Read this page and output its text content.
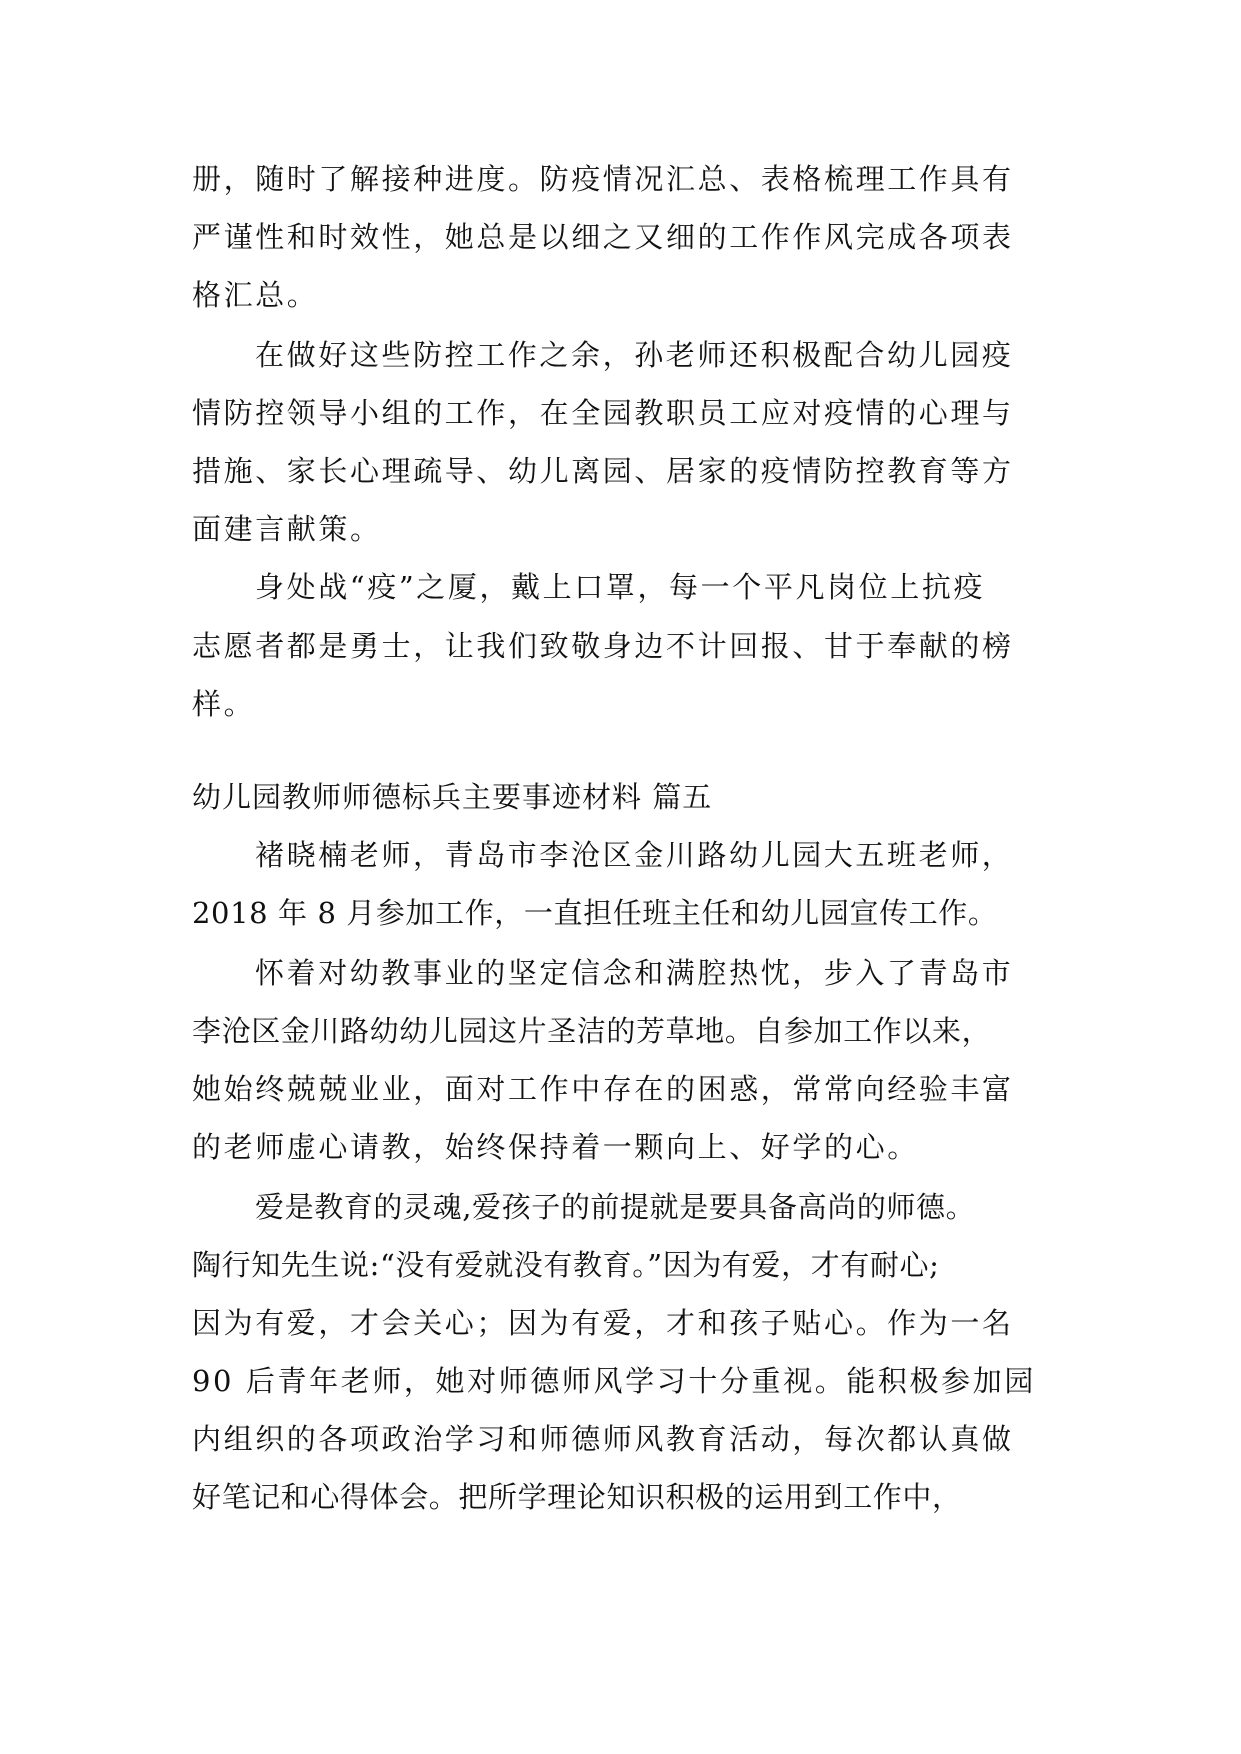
册，随时了解接种进度。防疫情况汇总、表格梳理工作具有
严谨性和时效性，她总是以细之又细的工作作风完成各项表
格汇总。
在做好这些防控工作之余，孙老师还积极配合幼儿园疫
情防控领导小组的工作，在全园教职员工应对疫情的心理与
措施、家长心理疏导、幼儿离园、居家的疫情防控教育等方
面建言献策。
身处战“疫”之厦，戴上口罩，每一个平凡岗位上抗疫
志愿者都是勇士，让我们致敬身边不计回报、甘于奉献的榜
样。
幼儿园教师师德标兵主要事迹材料 篇五
褚晓楠老师，青岛市李沧区金川路幼儿园大五班老师，
2018 年 8 月参加工作，一直担任班主任和幼儿园宣传工作。
怀着对幼教事业的坚定信念和满腔热忱，步入了青岛市
李沧区金川路幼幼儿园这片圣洁的芳草地。自参加工作以来，
她始终兢兢业业，面对工作中存在的困惑，常常向经验丰富
的老师虚心请教，始终保持着一颗向上、好学的心。
爱是教育的灵魂,爱孩子的前提就是要具备高尚的师德。
陶行知先生说:“没有爱就没有教育。”因为有爱，才有耐心;
因为有爱，才会关心；因为有爱，才和孩子贴心。作为一名
90 后青年老师，她对师德师风学习十分重视。能积极参加园
内组织的各项政治学习和师德师风教育活动，每次都认真做
好笔记和心得体会。把所学理论知识积极的运用到工作中，
